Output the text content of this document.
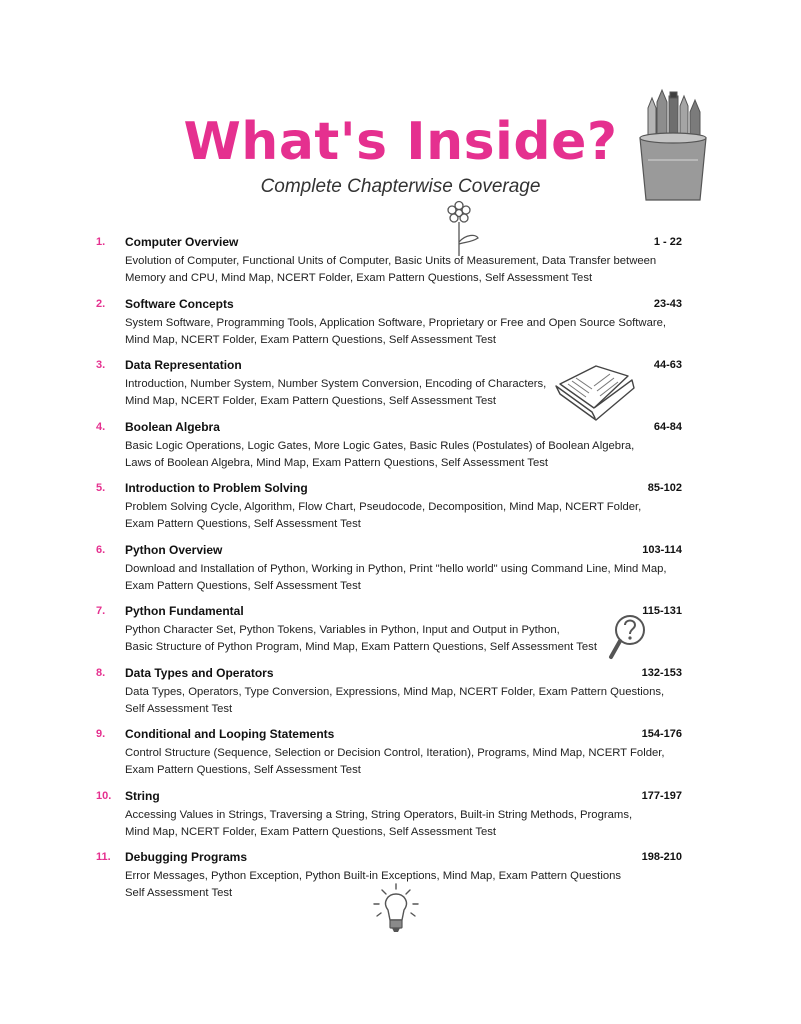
What's Inside?
Complete Chapterwise Coverage
1.	Computer Overview	1 - 22
Evolution of Computer, Functional Units of Computer, Basic Units of Measurement, Data Transfer between
Memory and CPU, Mind Map, NCERT Folder, Exam Pattern Questions, Self Assessment Test
2.	Software Concepts	23-43
System Software, Programming Tools, Application Software, Proprietary or Free and Open Source Software,
Mind Map, NCERT Folder, Exam Pattern Questions, Self Assessment Test
3.	Data Representation	44-63
Introduction, Number System, Number System Conversion, Encoding of Characters,
Mind Map, NCERT Folder, Exam Pattern Questions, Self Assessment Test
4.	Boolean Algebra	64-84
Basic Logic Operations, Logic Gates, More Logic Gates, Basic Rules (Postulates) of Boolean Algebra,
Laws of Boolean Algebra, Mind Map, Exam Pattern Questions, Self Assessment Test
5.	Introduction to Problem Solving	85-102
Problem Solving Cycle, Algorithm, Flow Chart, Pseudocode, Decomposition, Mind Map, NCERT Folder,
Exam Pattern Questions, Self Assessment Test
6.	Python Overview	103-114
Download and Installation of Python, Working in Python, Print "hello world" using Command Line, Mind Map,
Exam Pattern Questions, Self Assessment Test
7.	Python Fundamental	115-131
Python Character Set, Python Tokens, Variables in Python, Input and Output in Python,
Basic Structure of Python Program, Mind Map, Exam Pattern Questions, Self Assessment Test
8.	Data Types and Operators	132-153
Data Types, Operators, Type Conversion, Expressions, Mind Map, NCERT Folder, Exam Pattern Questions,
Self Assessment Test
9.	Conditional and Looping Statements	154-176
Control Structure (Sequence, Selection or Decision Control, Iteration), Programs, Mind Map, NCERT Folder,
Exam Pattern Questions, Self Assessment Test
10.	String	177-197
Accessing Values in Strings, Traversing a String, String Operators, Built-in String Methods, Programs,
Mind Map, NCERT Folder, Exam Pattern Questions, Self Assessment Test
11.	Debugging Programs	198-210
Error Messages, Python Exception, Python Built-in Exceptions, Mind Map, Exam Pattern Questions
Self Assessment Test
